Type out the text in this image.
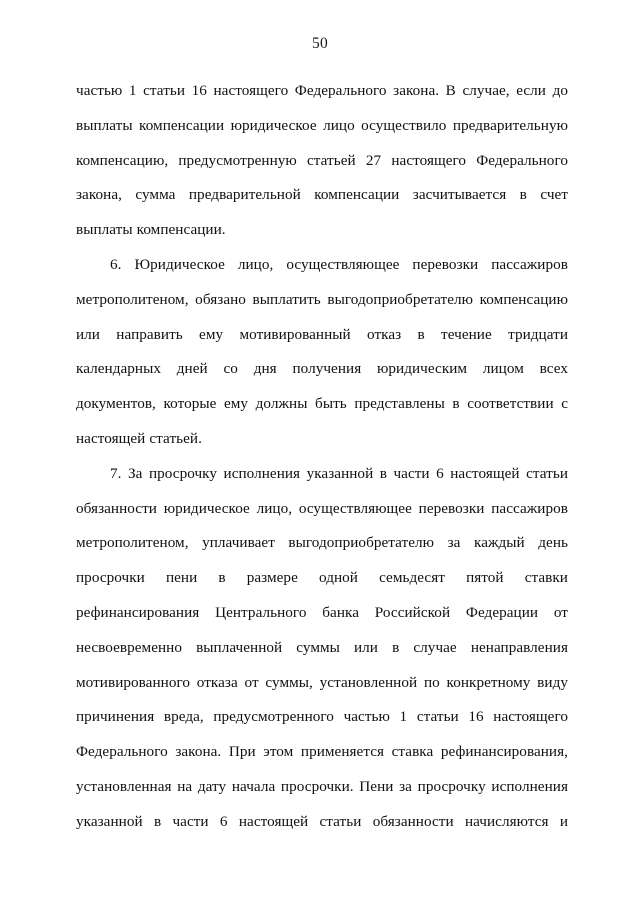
50

частью 1 статьи 16 настоящего Федерального закона. В случае, если до выплаты компенсации юридическое лицо осуществило предварительную компенсацию, предусмотренную статьей 27 настоящего Федерального закона, сумма предварительной компенсации засчитывается в счет выплаты компенсации.

6. Юридическое лицо, осуществляющее перевозки пассажиров метрополитеном, обязано выплатить выгодоприобретателю компенсацию или направить ему мотивированный отказ в течение тридцати календарных дней со дня получения юридическим лицом всех документов, которые ему должны быть представлены в соответствии с настоящей статьей.

7. За просрочку исполнения указанной в части 6 настоящей статьи обязанности юридическое лицо, осуществляющее перевозки пассажиров метрополитеном, уплачивает выгодоприобретателю за каждый день просрочки пени в размере одной семьдесят пятой ставки рефинансирования Центрального банка Российской Федерации от несвоевременно выплаченной суммы или в случае ненаправления мотивированного отказа от суммы, установленной по конкретному виду причинения вреда, предусмотренного частью 1 статьи 16 настоящего Федерального закона. При этом применяется ставка рефинансирования, установленная на дату начала просрочки. Пени за просрочку исполнения указанной в части 6 настоящей статьи обязанности начисляются и
